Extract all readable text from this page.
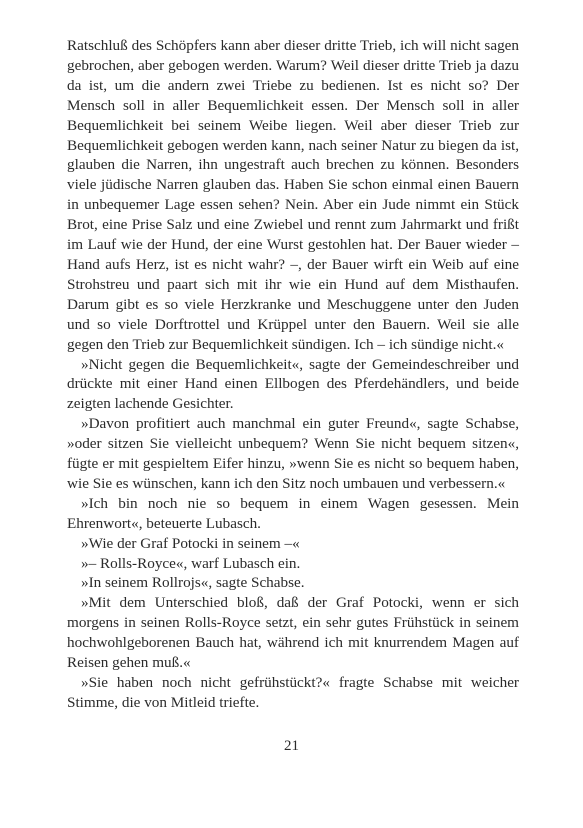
Ratschluß des Schöpfers kann aber dieser dritte Trieb, ich will nicht sagen gebrochen, aber gebogen werden. Warum? Weil dieser dritte Trieb ja dazu da ist, um die andern zwei Triebe zu bedienen. Ist es nicht so? Der Mensch soll in aller Bequemlichkeit essen. Der Mensch soll in aller Bequemlichkeit bei seinem Weibe liegen. Weil aber dieser Trieb zur Bequemlichkeit gebogen werden kann, nach seiner Natur zu biegen da ist, glauben die Narren, ihn ungestraft auch brechen zu können. Besonders viele jüdische Narren glauben das. Haben Sie schon einmal einen Bauern in unbequemer Lage essen sehen? Nein. Aber ein Jude nimmt ein Stück Brot, eine Prise Salz und eine Zwiebel und rennt zum Jahrmarkt und frißt im Lauf wie der Hund, der eine Wurst gestohlen hat. Der Bauer wieder – Hand aufs Herz, ist es nicht wahr? –, der Bauer wirft ein Weib auf eine Strohstreu und paart sich mit ihr wie ein Hund auf dem Misthaufen. Darum gibt es so viele Herzkranke und Meschuggene unter den Juden und so viele Dorftrottel und Krüppel unter den Bauern. Weil sie alle gegen den Trieb zur Bequemlichkeit sündigen. Ich – ich sündige nicht.«

»Nicht gegen die Bequemlichkeit«, sagte der Gemeindeschreiber und drückte mit einer Hand einen Ellbogen des Pferdehändlers, und beide zeigten lachende Gesichter.

»Davon profitiert auch manchmal ein guter Freund«, sagte Schabse, »oder sitzen Sie vielleicht unbequem? Wenn Sie nicht bequem sitzen«, fügte er mit gespieltem Eifer hinzu, »wenn Sie es nicht so bequem haben, wie Sie es wünschen, kann ich den Sitz noch umbauen und verbessern.«

»Ich bin noch nie so bequem in einem Wagen gesessen. Mein Ehrenwort«, beteuerte Lubasch.

»Wie der Graf Potocki in seinem –«

»– Rolls-Royce«, warf Lubasch ein.

»In seinem Rollrojs«, sagte Schabse.

»Mit dem Unterschied bloß, daß der Graf Potocki, wenn er sich morgens in seinen Rolls-Royce setzt, ein sehr gutes Frühstück in seinem hochwohlgeborenen Bauch hat, während ich mit knurrendem Magen auf Reisen gehen muß.«

»Sie haben noch nicht gefrühstückt?« fragte Schabse mit weicher Stimme, die von Mitleid triefte.

21
